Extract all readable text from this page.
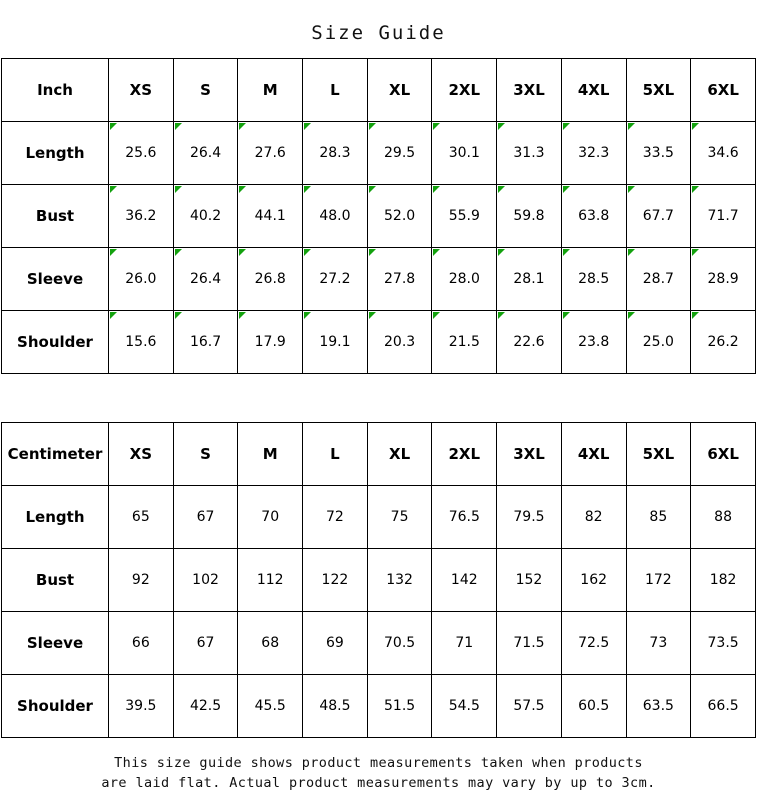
Size Guide
Inch	XS	S	M	L	XL	2XL	3XL	4XL	5XL	6XL
Length	25.6	26.4	27.6	28.3	29.5	30.1	31.3	32.3	33.5	34.6
Bust	36.2	40.2	44.1	48.0	52.0	55.9	59.8	63.8	67.7	71.7
Sleeve	26.0	26.4	26.8	27.2	27.8	28.0	28.1	28.5	28.7	28.9
Shoulder	15.6	16.7	17.9	19.1	20.3	21.5	22.6	23.8	25.0	26.2
Centimeter	XS	S	M	L	XL	2XL	3XL	4XL	5XL	6XL
Length	65	67	70	72	75	76.5	79.5	82	85	88
Bust	92	102	112	122	132	142	152	162	172	182
Sleeve	66	67	68	69	70.5	71	71.5	72.5	73	73.5
Shoulder	39.5	42.5	45.5	48.5	51.5	54.5	57.5	60.5	63.5	66.5
This size guide shows product measurements taken when products
are laid flat. Actual product measurements may vary by up to 3cm.
